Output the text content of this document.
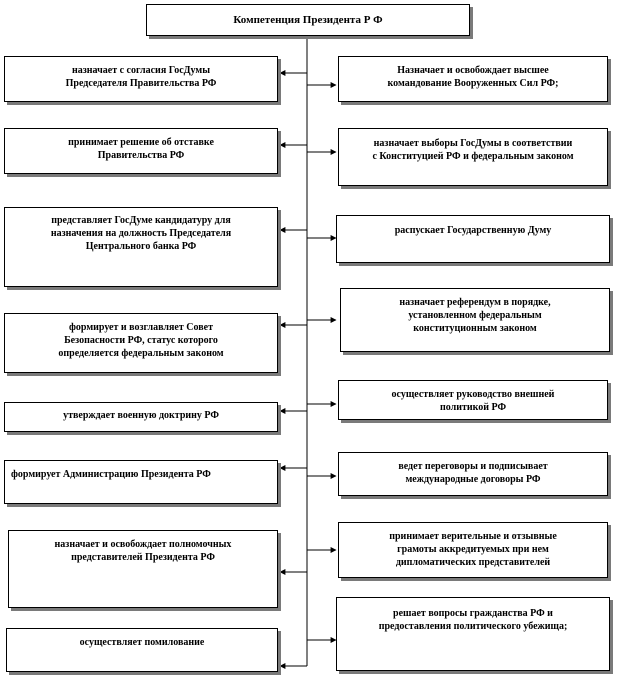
Компетенция Президента Р Ф
назначает с согласия ГосДумы
Председателя Правительства РФ
принимает решение об отставке
Правительства РФ
представляет ГосДуме кандидатуру для
назначения на должность Председателя
Центрального банка РФ
формирует и возглавляет Совет
Безопасности РФ, статус которого
определяется федеральным законом
утверждает военную доктрину РФ
формирует Администрацию Президента РФ
назначает и освобождает полномочных
представителей Президента РФ
осуществляет помилование
Назначает и освобождает высшее
командование Вооруженных Сил РФ;
назначает выборы ГосДумы в соответствии
с Конституцией РФ и федеральным законом
распускает Государственную Думу
назначает референдум в порядке,
установленном федеральным
конституционным законом
осуществляет руководство внешней
политикой РФ
ведет переговоры и подписывает
международные договоры РФ
принимает верительные и отзывные
грамоты аккредитуемых при нем
дипломатических представителей
решает вопросы гражданства РФ и
предоставления политического убежища;
